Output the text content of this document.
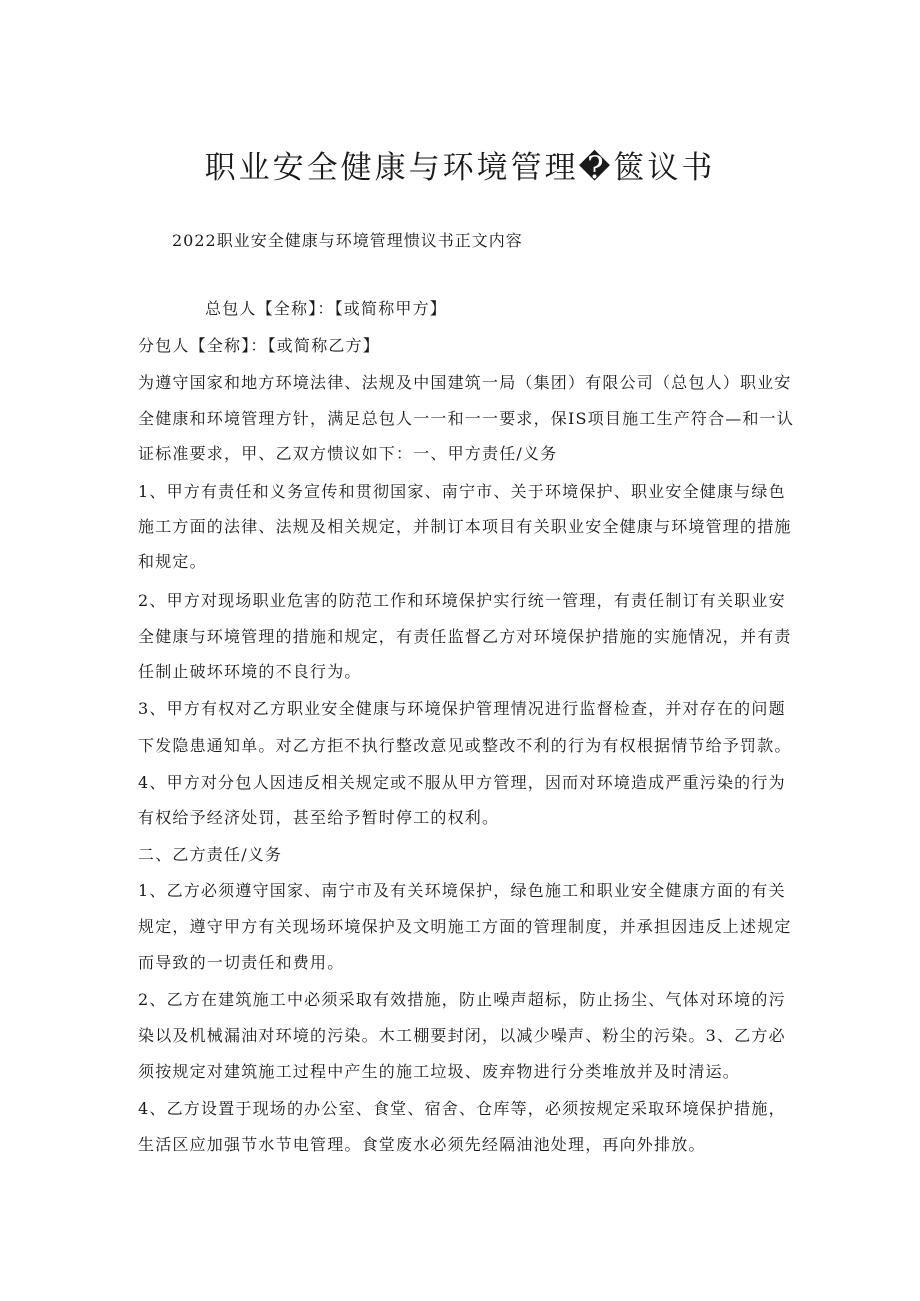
职业安全健康与环境管理�篋议书
2022职业安全健康与环境管理愦议书正文内容
总包人【全称】：【或简称甲方】
分包人【全称】：【或简称乙方】
为遵守国家和地方环境法律、法规及中国建筑一局（集团）有限公司（总包人）职业安
全健康和环境管理方针，满足总包人一一和一一要求，保IS项目施工生产符合—和一认
证标准要求，甲、乙双方愦议如下：一、甲方责任/义务
1、甲方有责任和义务宣传和贯彻国家、南宁市、关于环境保护、职业安全健康与绿色
施工方面的法律、法规及相关规定，并制订本项目有关职业安全健康与环境管理的措施
和规定。
2、甲方对现场职业危害的防范工作和环境保护实行统一管理，有责任制订有关职业安
全健康与环境管理的措施和规定，有责任监督乙方对环境保护措施的实施情况，并有责
任制止破坏环境的不良行为。
3、甲方有权对乙方职业安全健康与环境保护管理情况进行监督检查，并对存在的问题
下发隐患通知单。对乙方拒不执行整改意见或整改不利的行为有权根据情节给予罚款。
4、甲方对分包人因违反相关规定或不服从甲方管理，因而对环境造成严重污染的行为
有权给予经济处罚，甚至给予暂时停工的权利。
二、乙方责任/义务
1、乙方必须遵守国家、南宁市及有关环境保护，绿色施工和职业安全健康方面的有关
规定，遵守甲方有关现场环境保护及文明施工方面的管理制度，并承担因违反上述规定
而导致的一切责任和费用。
2、乙方在建筑施工中必须采取有效措施，防止噪声超标，防止扬尘、气体对环境的污
染以及机械漏油对环境的污染。木工棚要封闭，以减少噪声、粉尘的污染。3、乙方必
须按规定对建筑施工过程中产生的施工垃圾、废弃物进行分类堆放并及时清运。
4、乙方设置于现场的办公室、食堂、宿舍、仓库等，必须按规定采取环境保护措施，
生活区应加强节水节电管理。食堂废水必须先经隔油池处理，再向外排放。
